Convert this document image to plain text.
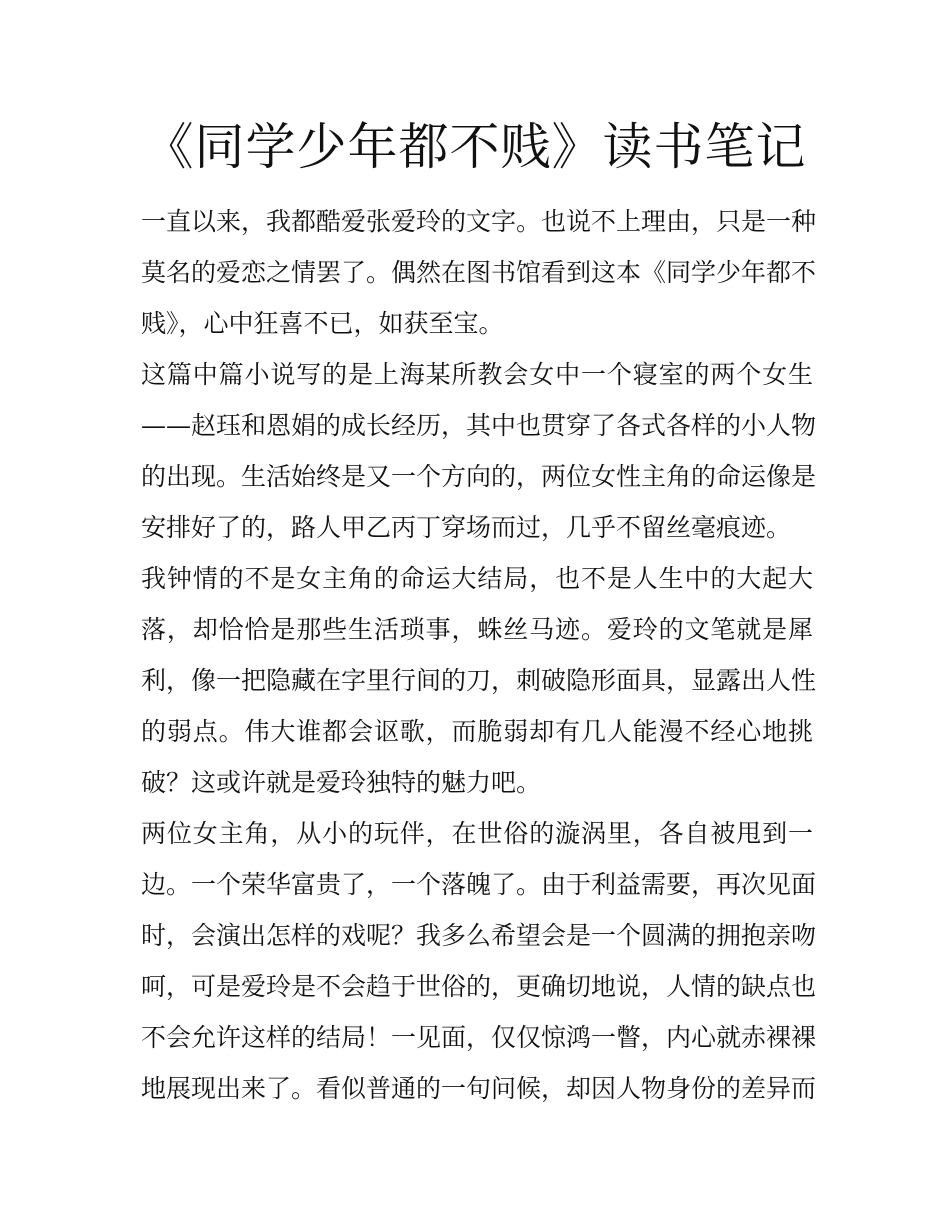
《同学少年都不贱》读书笔记
一直以来，我都酷爱张爱玲的文字。也说不上理由，只是一种
莫名的爱恋之情罢了。偶然在图书馆看到这本《同学少年都不
贱》，心中狂喜不已，如获至宝。
这篇中篇小说写的是上海某所教会女中一个寝室的两个女生
——赵珏和恩娟的成长经历，其中也贯穿了各式各样的小人物
的出现。生活始终是又一个方向的，两位女性主角的命运像是
安排好了的，路人甲乙丙丁穿场而过，几乎不留丝毫痕迹。
我钟情的不是女主角的命运大结局，也不是人生中的大起大
落，却恰恰是那些生活琐事，蛛丝马迹。爱玲的文笔就是犀
利，像一把隐藏在字里行间的刀，刺破隐形面具，显露出人性
的弱点。伟大谁都会讴歌，而脆弱却有几人能漫不经心地挑
破？这或许就是爱玲独特的魅力吧。
两位女主角，从小的玩伴，在世俗的漩涡里，各自被甩到一
边。一个荣华富贵了，一个落魄了。由于利益需要，再次见面
时，会演出怎样的戏呢？我多么希望会是一个圆满的拥抱亲吻
呵，可是爱玲是不会趋于世俗的，更确切地说，人情的缺点也
不会允许这样的结局！一见面，仅仅惊鸿一瞥，内心就赤裸裸
地展现出来了。看似普通的一句问候，却因人物身份的差异而
